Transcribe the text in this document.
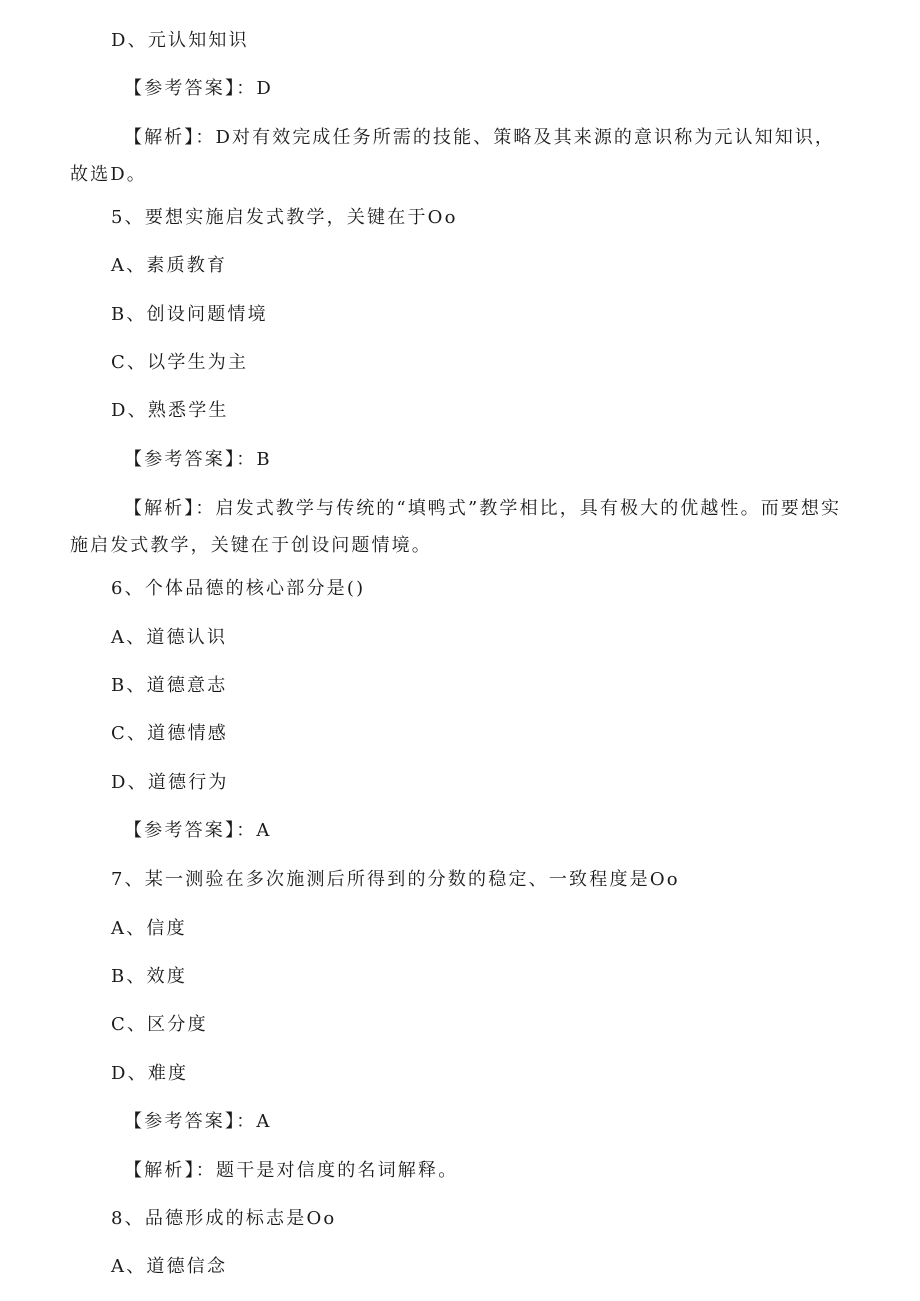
D、元认知知识
【参考答案】：D
【解析】：D对有效完成任务所需的技能、策略及其来源的意识称为元认知知识，故选D。
5、要想实施启发式教学，关键在于Oo
A、素质教育
B、创设问题情境
C、以学生为主
D、熟悉学生
【参考答案】：B
【解析】：启发式教学与传统的“填鸭式”教学相比，具有极大的优越性。而要想实施启发式教学，关键在于创设问题情境。
6、个体品德的核心部分是()
A、道德认识
B、道德意志
C、道德情感
D、道德行为
【参考答案】：A
7、某一测验在多次施测后所得到的分数的稳定、一致程度是Oo
A、信度
B、效度
C、区分度
D、难度
【参考答案】：A
【解析】：题干是对信度的名词解释。
8、品德形成的标志是Oo
A、道德信念
